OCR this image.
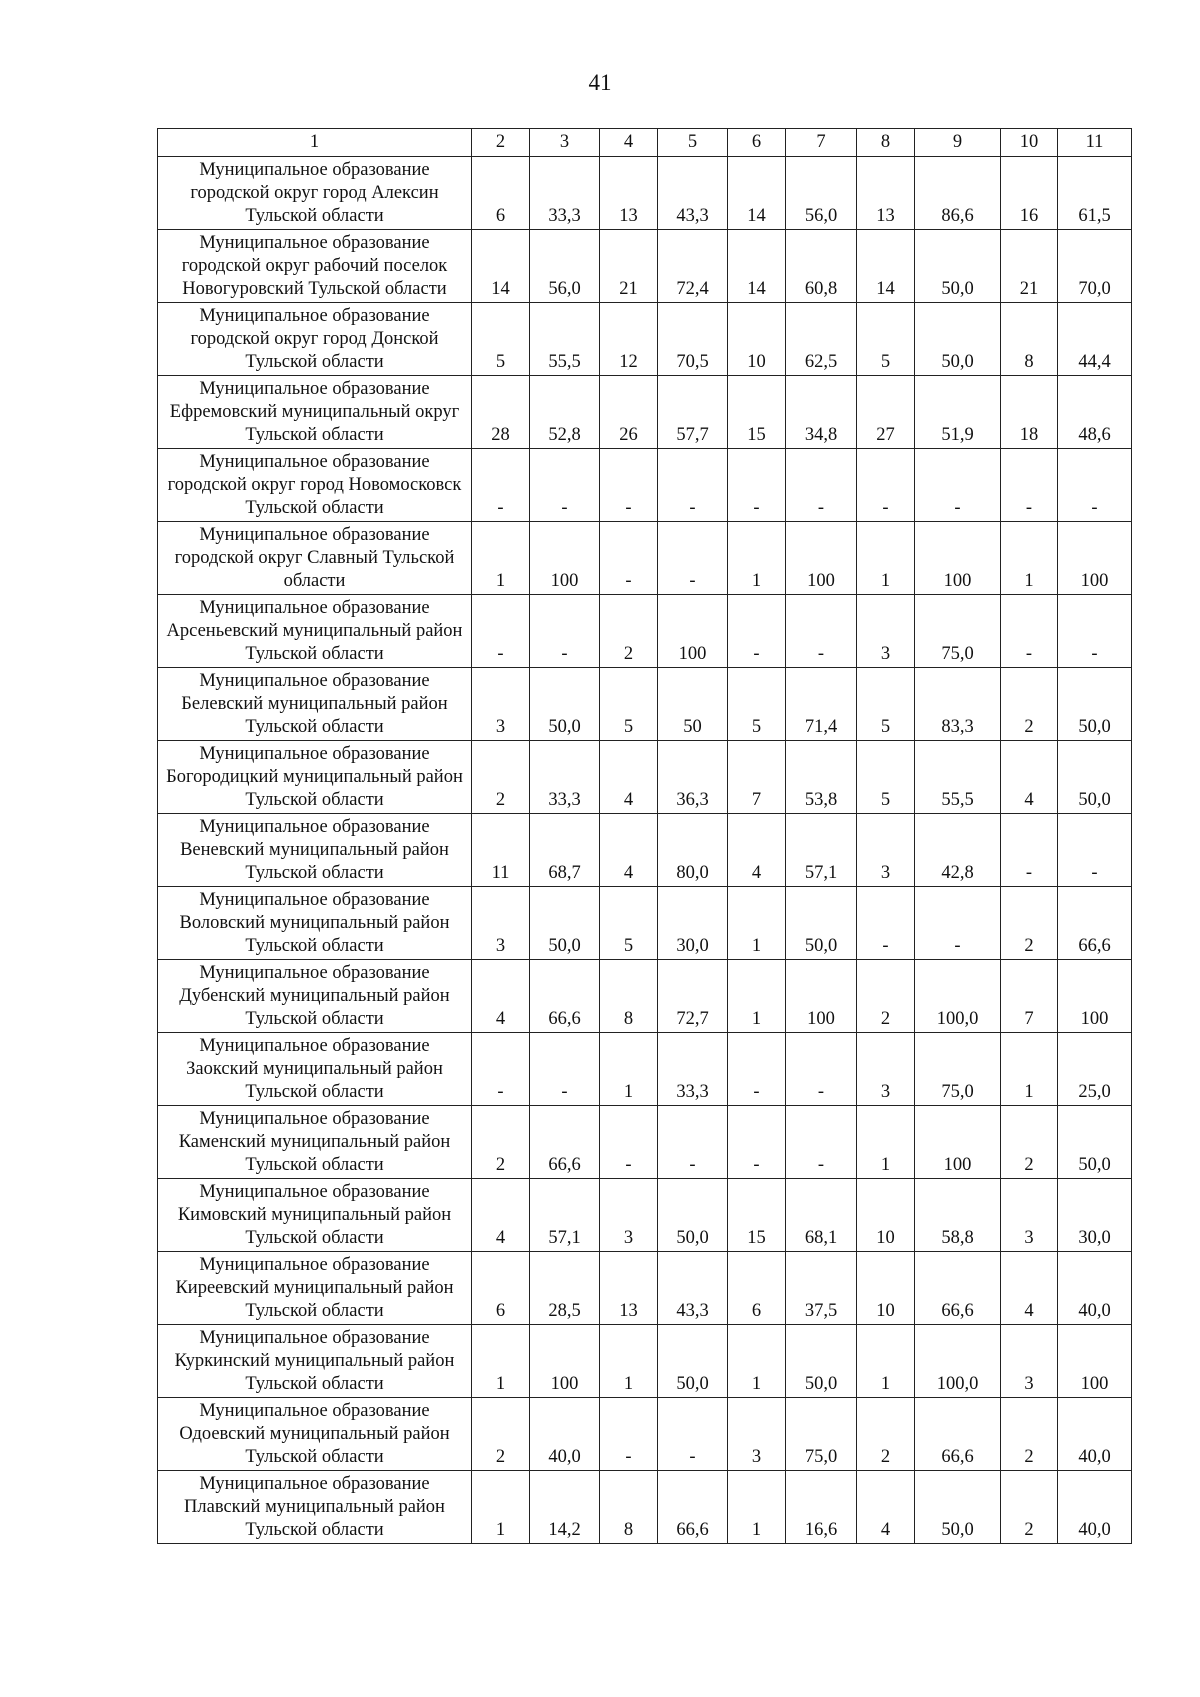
41
1	2	3	4	5	6	7	8	9	10	11
Муниципальное образование городской округ город Алексин Тульской области	6	33,3	13	43,3	14	56,0	13	86,6	16	61,5
Муниципальное образование городской округ рабочий поселок Новогуровский Тульской области	14	56,0	21	72,4	14	60,8	14	50,0	21	70,0
Муниципальное образование городской округ город Донской Тульской области	5	55,5	12	70,5	10	62,5	5	50,0	8	44,4
Муниципальное образование Ефремовский муниципальный округ Тульской области	28	52,8	26	57,7	15	34,8	27	51,9	18	48,6
Муниципальное образование городской округ город Новомосковск Тульской области	-	-	-	-	-	-	-	-	-	-
Муниципальное образование городской округ Славный Тульской области	1	100	-	-	1	100	1	100	1	100
Муниципальное образование Арсеньевский муниципальный район Тульской области	-	-	2	100	-	-	3	75,0	-	-
Муниципальное образование Белевский муниципальный район Тульской области	3	50,0	5	50	5	71,4	5	83,3	2	50,0
Муниципальное образование Богородицкий муниципальный район Тульской области	2	33,3	4	36,3	7	53,8	5	55,5	4	50,0
Муниципальное образование Веневский муниципальный район Тульской области	11	68,7	4	80,0	4	57,1	3	42,8	-	-
Муниципальное образование Воловский муниципальный район Тульской области	3	50,0	5	30,0	1	50,0	-	-	2	66,6
Муниципальное образование Дубенский муниципальный район Тульской области	4	66,6	8	72,7	1	100	2	100,0	7	100
Муниципальное образование Заокский муниципальный район Тульской области	-	-	1	33,3	-	-	3	75,0	1	25,0
Муниципальное образование Каменский муниципальный район Тульской области	2	66,6	-	-	-	-	1	100	2	50,0
Муниципальное образование Кимовский муниципальный район Тульской области	4	57,1	3	50,0	15	68,1	10	58,8	3	30,0
Муниципальное образование Киреевский муниципальный район Тульской области	6	28,5	13	43,3	6	37,5	10	66,6	4	40,0
Муниципальное образование Куркинский муниципальный район Тульской области	1	100	1	50,0	1	50,0	1	100,0	3	100
Муниципальное образование Одоевский муниципальный район Тульской области	2	40,0	-	-	3	75,0	2	66,6	2	40,0
Муниципальное образование Плавский муниципальный район Тульской области	1	14,2	8	66,6	1	16,6	4	50,0	2	40,0
